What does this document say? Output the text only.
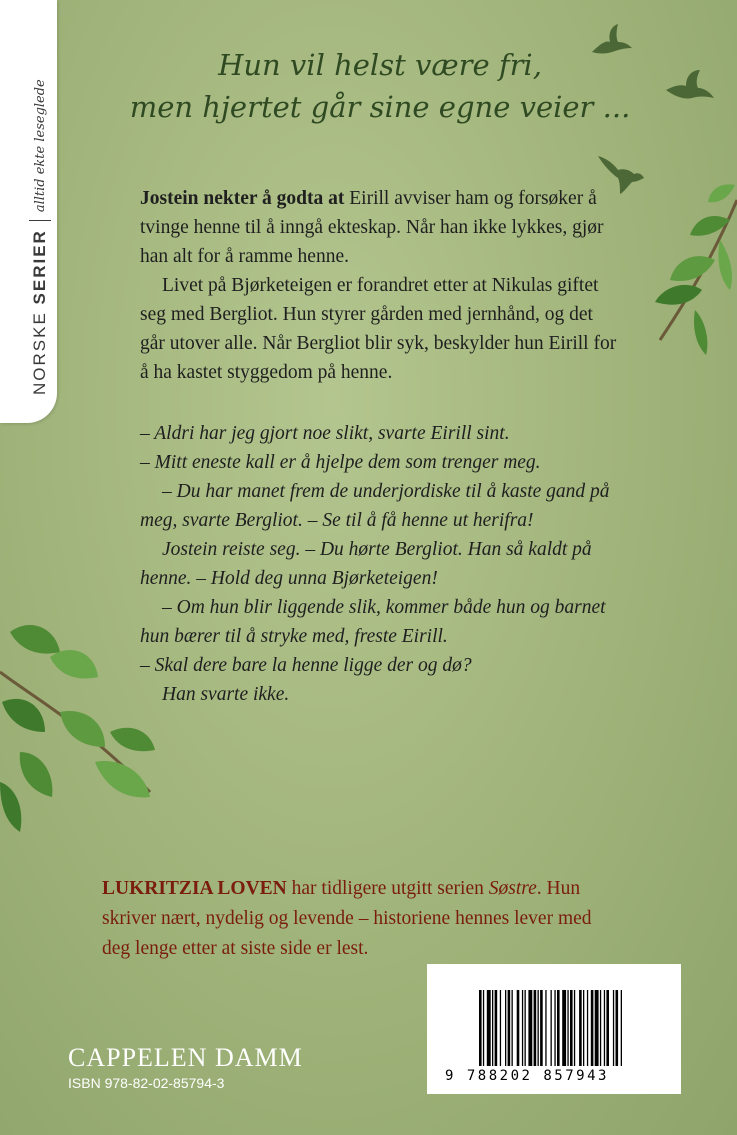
NORSKE SERIER
alltid ekte leseglede
Hun vil helst være fri,
men hjertet går sine egne veier ...

Jostein nekter å godta at Eirill avviser ham og forsøker å tvinge henne til å inngå ekteskap. Når han ikke lykkes, gjør han alt for å ramme henne.

Livet på Bjørketeigen er forandret etter at Nikulas giftet seg med Bergliot. Hun styrer gården med jernhånd, og det går utover alle. Når Bergliot blir syk, beskylder hun Eirill for å ha kastet styggedom på henne.

– Aldri har jeg gjort noe slikt, svarte Eirill sint.

– Mitt eneste kall er å hjelpe dem som trenger meg.

– Du har manet frem de underjordiske til å kaste gand på meg, svarte Bergliot. – Se til å få henne ut herifra!

Jostein reiste seg. – Du hørte Bergliot. Han så kaldt på henne. – Hold deg unna Bjørketeigen!

– Om hun blir liggende slik, kommer både hun og barnet hun bærer til å stryke med, freste Eirill.

– Skal dere bare la henne ligge der og dø?

Han svarte ikke.

LUKRITZIA LOVEN har tidligere utgitt serien Søstre. Hun skriver nært, nydelig og levende – historiene hennes lever med deg lenge etter at siste side er lest.
CAPPELEN DAMM
ISBN 978-82-02-85794-3	9 788202 857943
